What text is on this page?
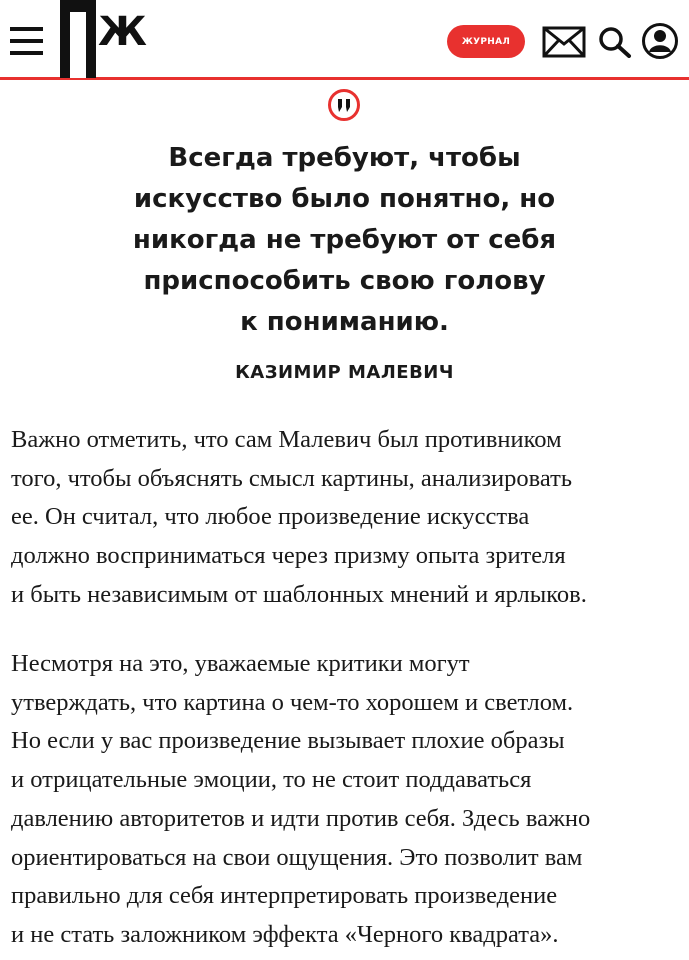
Ж	ЖУРНАЛ
Всегда требуют, чтобы
искусство было понятно, но
никогда не требуют от себя
приспособить свою голову
к пониманию.
КАЗИМИР МАЛЕВИЧ

Важно отметить, что сам Малевич был противником
того, чтобы объяснять смысл картины, анализировать
ее. Он считал, что любое произведение искусства
должно восприниматься через призму опыта зрителя
и быть независимым от шаблонных мнений и ярлыков.

Несмотря на это, уважаемые критики могут
утверждать, что картина о чем-то хорошем и светлом.
Но если у вас произведение вызывает плохие образы
и отрицательные эмоции, то не стоит поддаваться
давлению авторитетов и идти против себя. Здесь важно
ориентироваться на свои ощущения. Это позволит вам
правильно для себя интерпретировать произведение
и не стать заложником эффекта «Черного квадрата».
